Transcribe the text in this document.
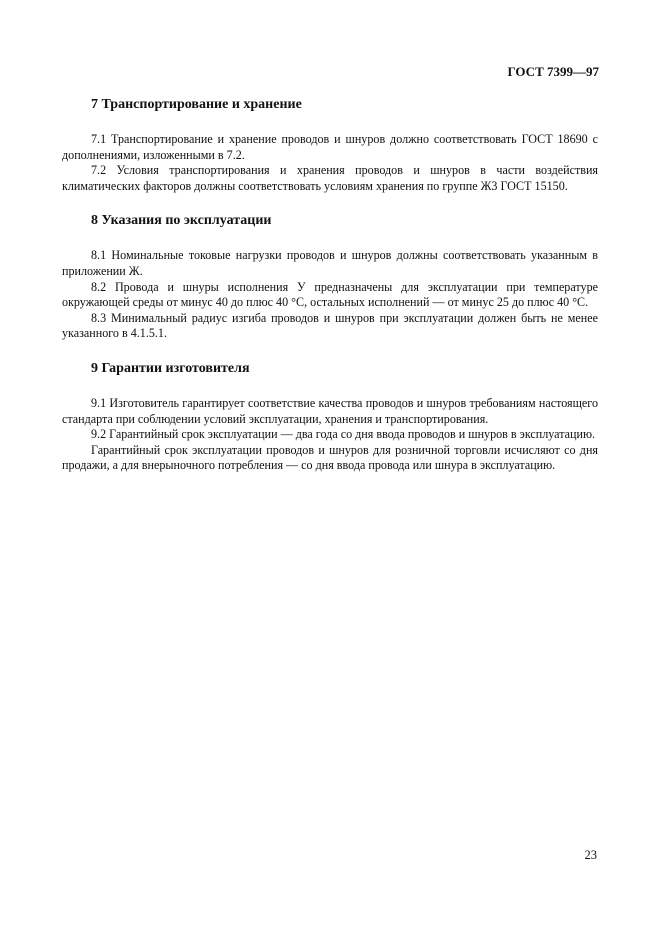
ГОСТ 7399—97
7 Транспортирование и хранение

7.1 Транспортирование и хранение проводов и шнуров должно соответствовать ГОСТ 18690 с дополнениями, изложенными в 7.2.

7.2 Условия транспортирования и хранения проводов и шнуров в части воздействия климатических факторов должны соответствовать условиям хранения по группе Ж3 ГОСТ 15150.

8 Указания по эксплуатации

8.1 Номинальные токовые нагрузки проводов и шнуров должны соответствовать указанным в приложении Ж.

8.2 Провода и шнуры исполнения У предназначены для эксплуатации при температуре окружающей среды от минус 40 до плюс 40 °С, остальных исполнений — от минус 25 до плюс 40 °С.

8.3 Минимальный радиус изгиба проводов и шнуров при эксплуатации должен быть не менее указанного в 4.1.5.1.

9 Гарантии изготовителя

9.1 Изготовитель гарантирует соответствие качества проводов и шнуров требованиям настоящего стандарта при соблюдении условий эксплуатации, хранения и транспортирования.

9.2 Гарантийный срок эксплуатации — два года со дня ввода проводов и шнуров в эксплуатацию.

Гарантийный срок эксплуатации проводов и шнуров для розничной торговли исчисляют со дня продажи, а для внерыночного потребления — со дня ввода провода или шнура в эксплуатацию.

23
